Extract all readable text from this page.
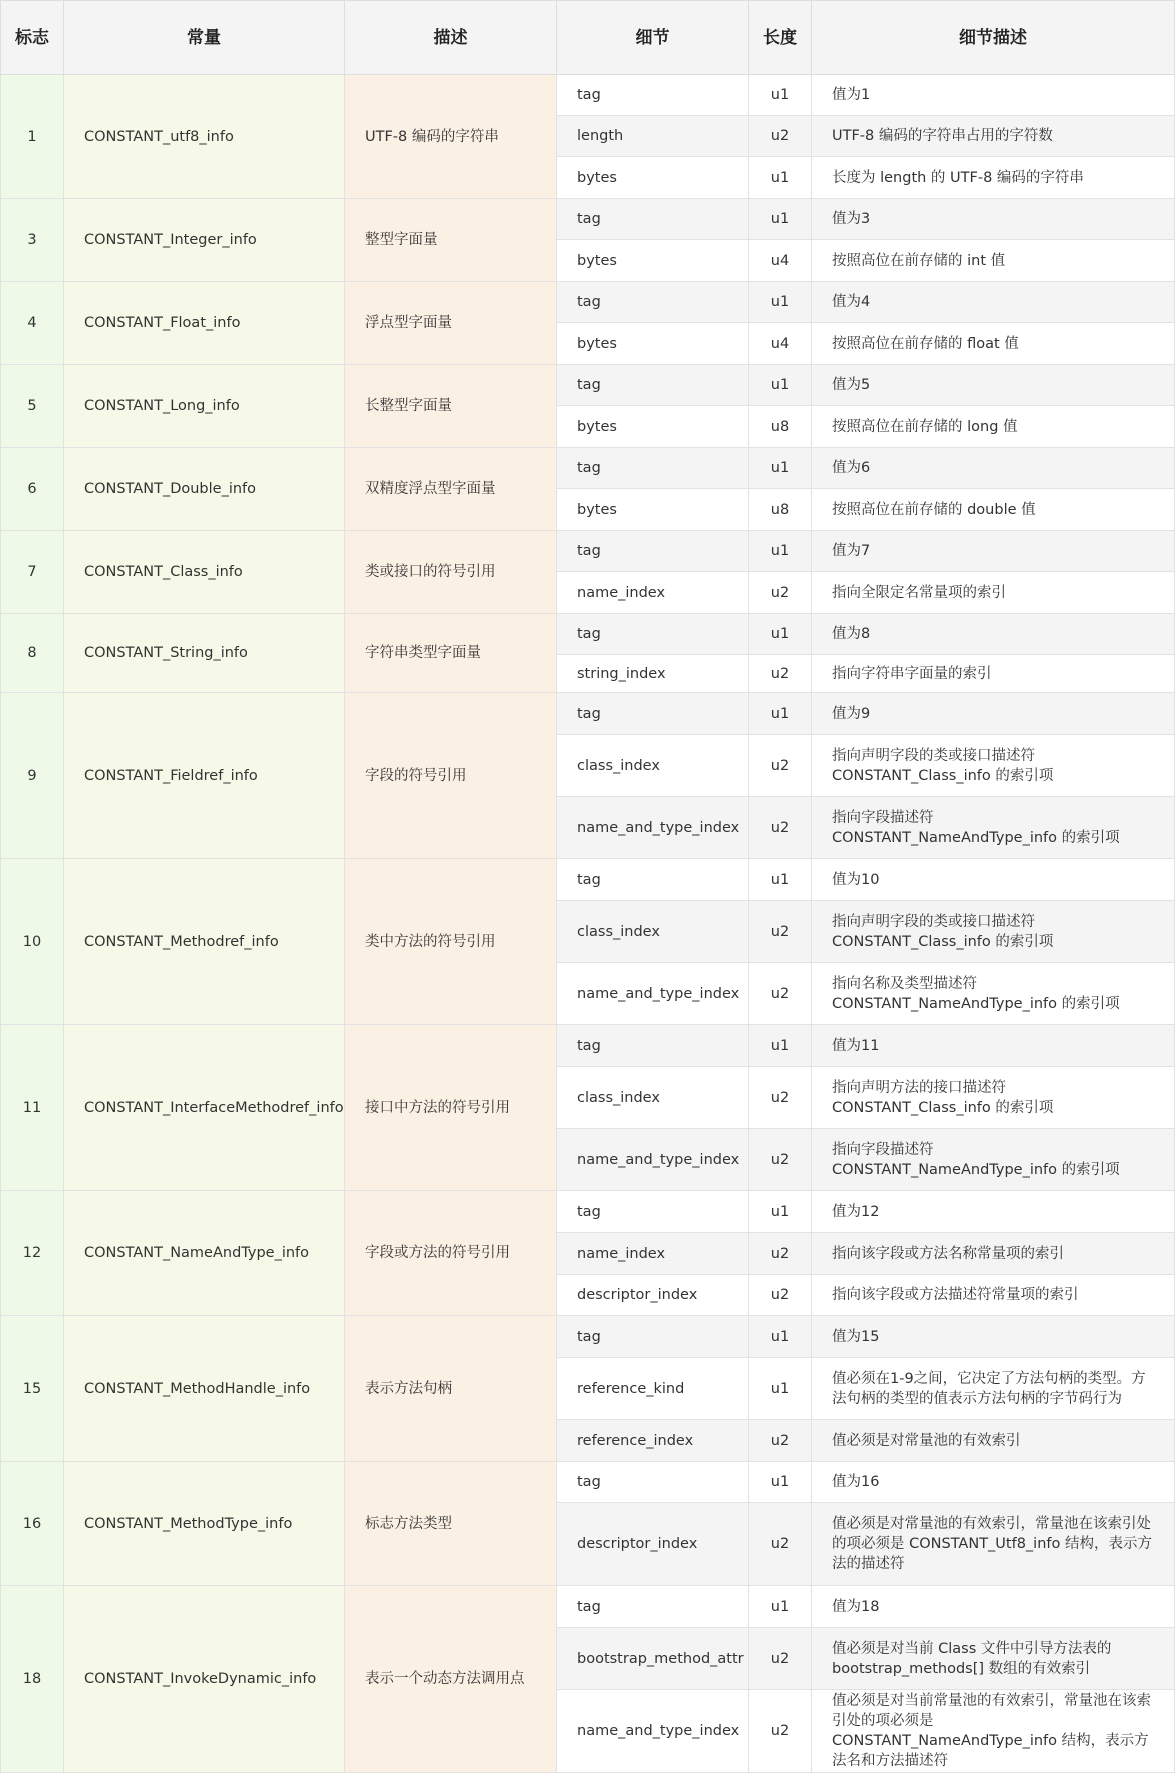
标志	常量	描述	细节	长度	细节描述
1	CONSTANT_utf8_info	UTF-8 编码的字符串	tag	u1	值为1
			length	u2	UTF-8 编码的字符串占用的字符数
			bytes	u1	长度为 length 的 UTF-8 编码的字符串
3	CONSTANT_Integer_info	整型字面量	tag	u1	值为3
			bytes	u4	按照高位在前存储的 int 值
4	CONSTANT_Float_info	浮点型字面量	tag	u1	值为4
			bytes	u4	按照高位在前存储的 float 值
5	CONSTANT_Long_info	长整型字面量	tag	u1	值为5
			bytes	u8	按照高位在前存储的 long 值
6	CONSTANT_Double_info	双精度浮点型字面量	tag	u1	值为6
			bytes	u8	按照高位在前存储的 double 值
7	CONSTANT_Class_info	类或接口的符号引用	tag	u1	值为7
			name_index	u2	指向全限定名常量项的索引
8	CONSTANT_String_info	字符串类型字面量	tag	u1	值为8
			string_index	u2	指向字符串字面量的索引
9	CONSTANT_Fieldref_info	字段的符号引用	tag	u1	值为9
			class_index	u2	指向声明字段的类或接口描述符 CONSTANT_Class_info 的索引项
			name_and_type_index	u2	指向字段描述符 CONSTANT_NameAndType_info 的索引项
10	CONSTANT_Methodref_info	类中方法的符号引用	tag	u1	值为10
			class_index	u2	指向声明字段的类或接口描述符 CONSTANT_Class_info 的索引项
			name_and_type_index	u2	指向名称及类型描述符 CONSTANT_NameAndType_info 的索引项
11	CONSTANT_InterfaceMethodref_info	接口中方法的符号引用	tag	u1	值为11
			class_index	u2	指向声明方法的接口描述符 CONSTANT_Class_info 的索引项
			name_and_type_index	u2	指向字段描述符 CONSTANT_NameAndType_info 的索引项
12	CONSTANT_NameAndType_info	字段或方法的符号引用	tag	u1	值为12
			name_index	u2	指向该字段或方法名称常量项的索引
			descriptor_index	u2	指向该字段或方法描述符常量项的索引
15	CONSTANT_MethodHandle_info	表示方法句柄	tag	u1	值为15
			reference_kind	u1	值必须在1-9之间，它决定了方法句柄的类型。方法句柄的类型的值表示方法句柄的字节码行为
			reference_index	u2	值必须是对常量池的有效索引
16	CONSTANT_MethodType_info	标志方法类型	tag	u1	值为16
			descriptor_index	u2	值必须是对常量池的有效索引，常量池在该索引处的项必须是 CONSTANT_Utf8_info 结构，表示方法的描述符
18	CONSTANT_InvokeDynamic_info	表示一个动态方法调用点	tag	u1	值为18
			bootstrap_method_attr	u2	值必须是对当前 Class 文件中引导方法表的 bootstrap_methods[] 数组的有效索引
			name_and_type_index	u2	值必须是对当前常量池的有效索引，常量池在该索引处的项必须是 CONSTANT_NameAndType_info 结构，表示方法名和方法描述符
